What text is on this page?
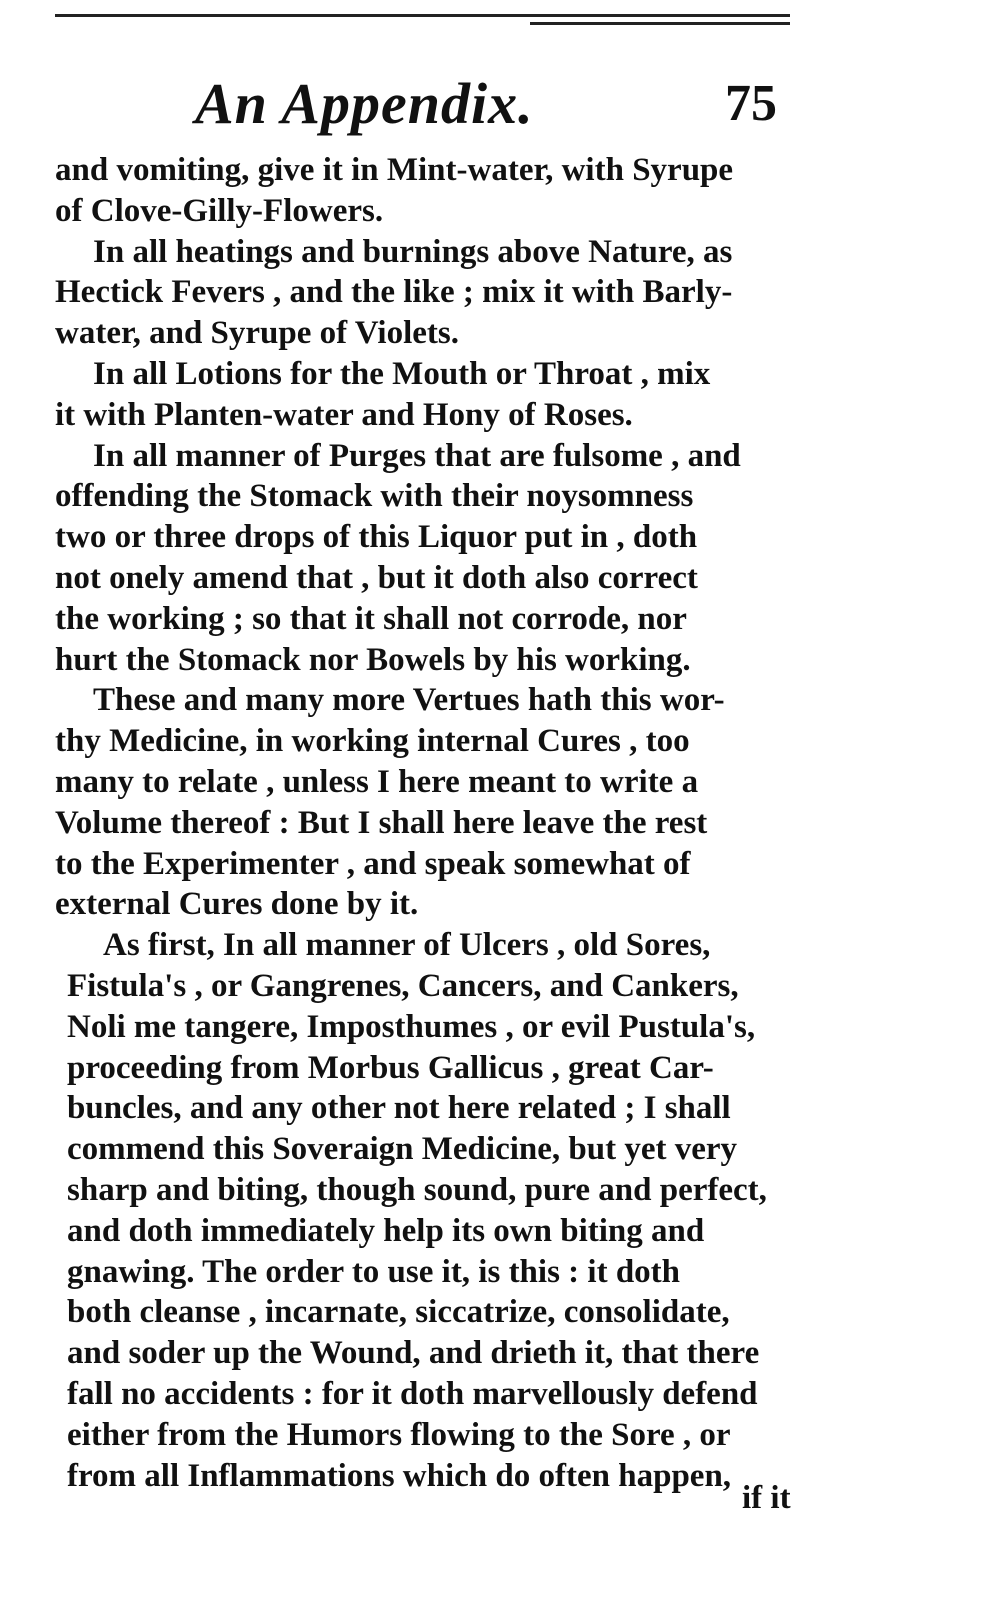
An Appendix.	75
and vomiting, give it in Mint-water, with Syrupe
of Clove-Gilly-Flowers.
In all heatings and burnings above Nature, as
Hectick Fevers , and the like ; mix it with Barly-
water, and Syrupe of Violets.
In all Lotions for the Mouth or Throat , mix
it with Planten-water and Hony of Roses.
In all manner of Purges that are fulsome , and
offending the Stomack with their noysomness
two or three drops of this Liquor put in , doth
not onely amend that , but it doth also correct
the working ; so that it shall not corrode, nor
hurt the Stomack nor Bowels by his working.
These and many more Vertues hath this wor-
thy Medicine, in working internal Cures , too
many to relate , unless I here meant to write a
Volume thereof : But I shall here leave the rest
to the Experimenter , and speak somewhat of
external Cures done by it.
As first, In all manner of Ulcers , old Sores,
Fistula's , or Gangrenes, Cancers, and Cankers,
Noli me tangere, Imposthumes , or evil Pustula's,
proceeding from Morbus Gallicus , great Car-
buncles, and any other not here related ; I shall
commend this Soveraign Medicine, but yet very
sharp and biting, though sound, pure and perfect,
and doth immediately help its own biting and
gnawing. The order to use it, is this : it doth
both cleanse , incarnate, siccatrize, consolidate,
and soder up the Wound, and drieth it, that there
fall no accidents : for it doth marvellously defend
either from the Humors flowing to the Sore , or
from all Inflammations which do often happen,
if it
